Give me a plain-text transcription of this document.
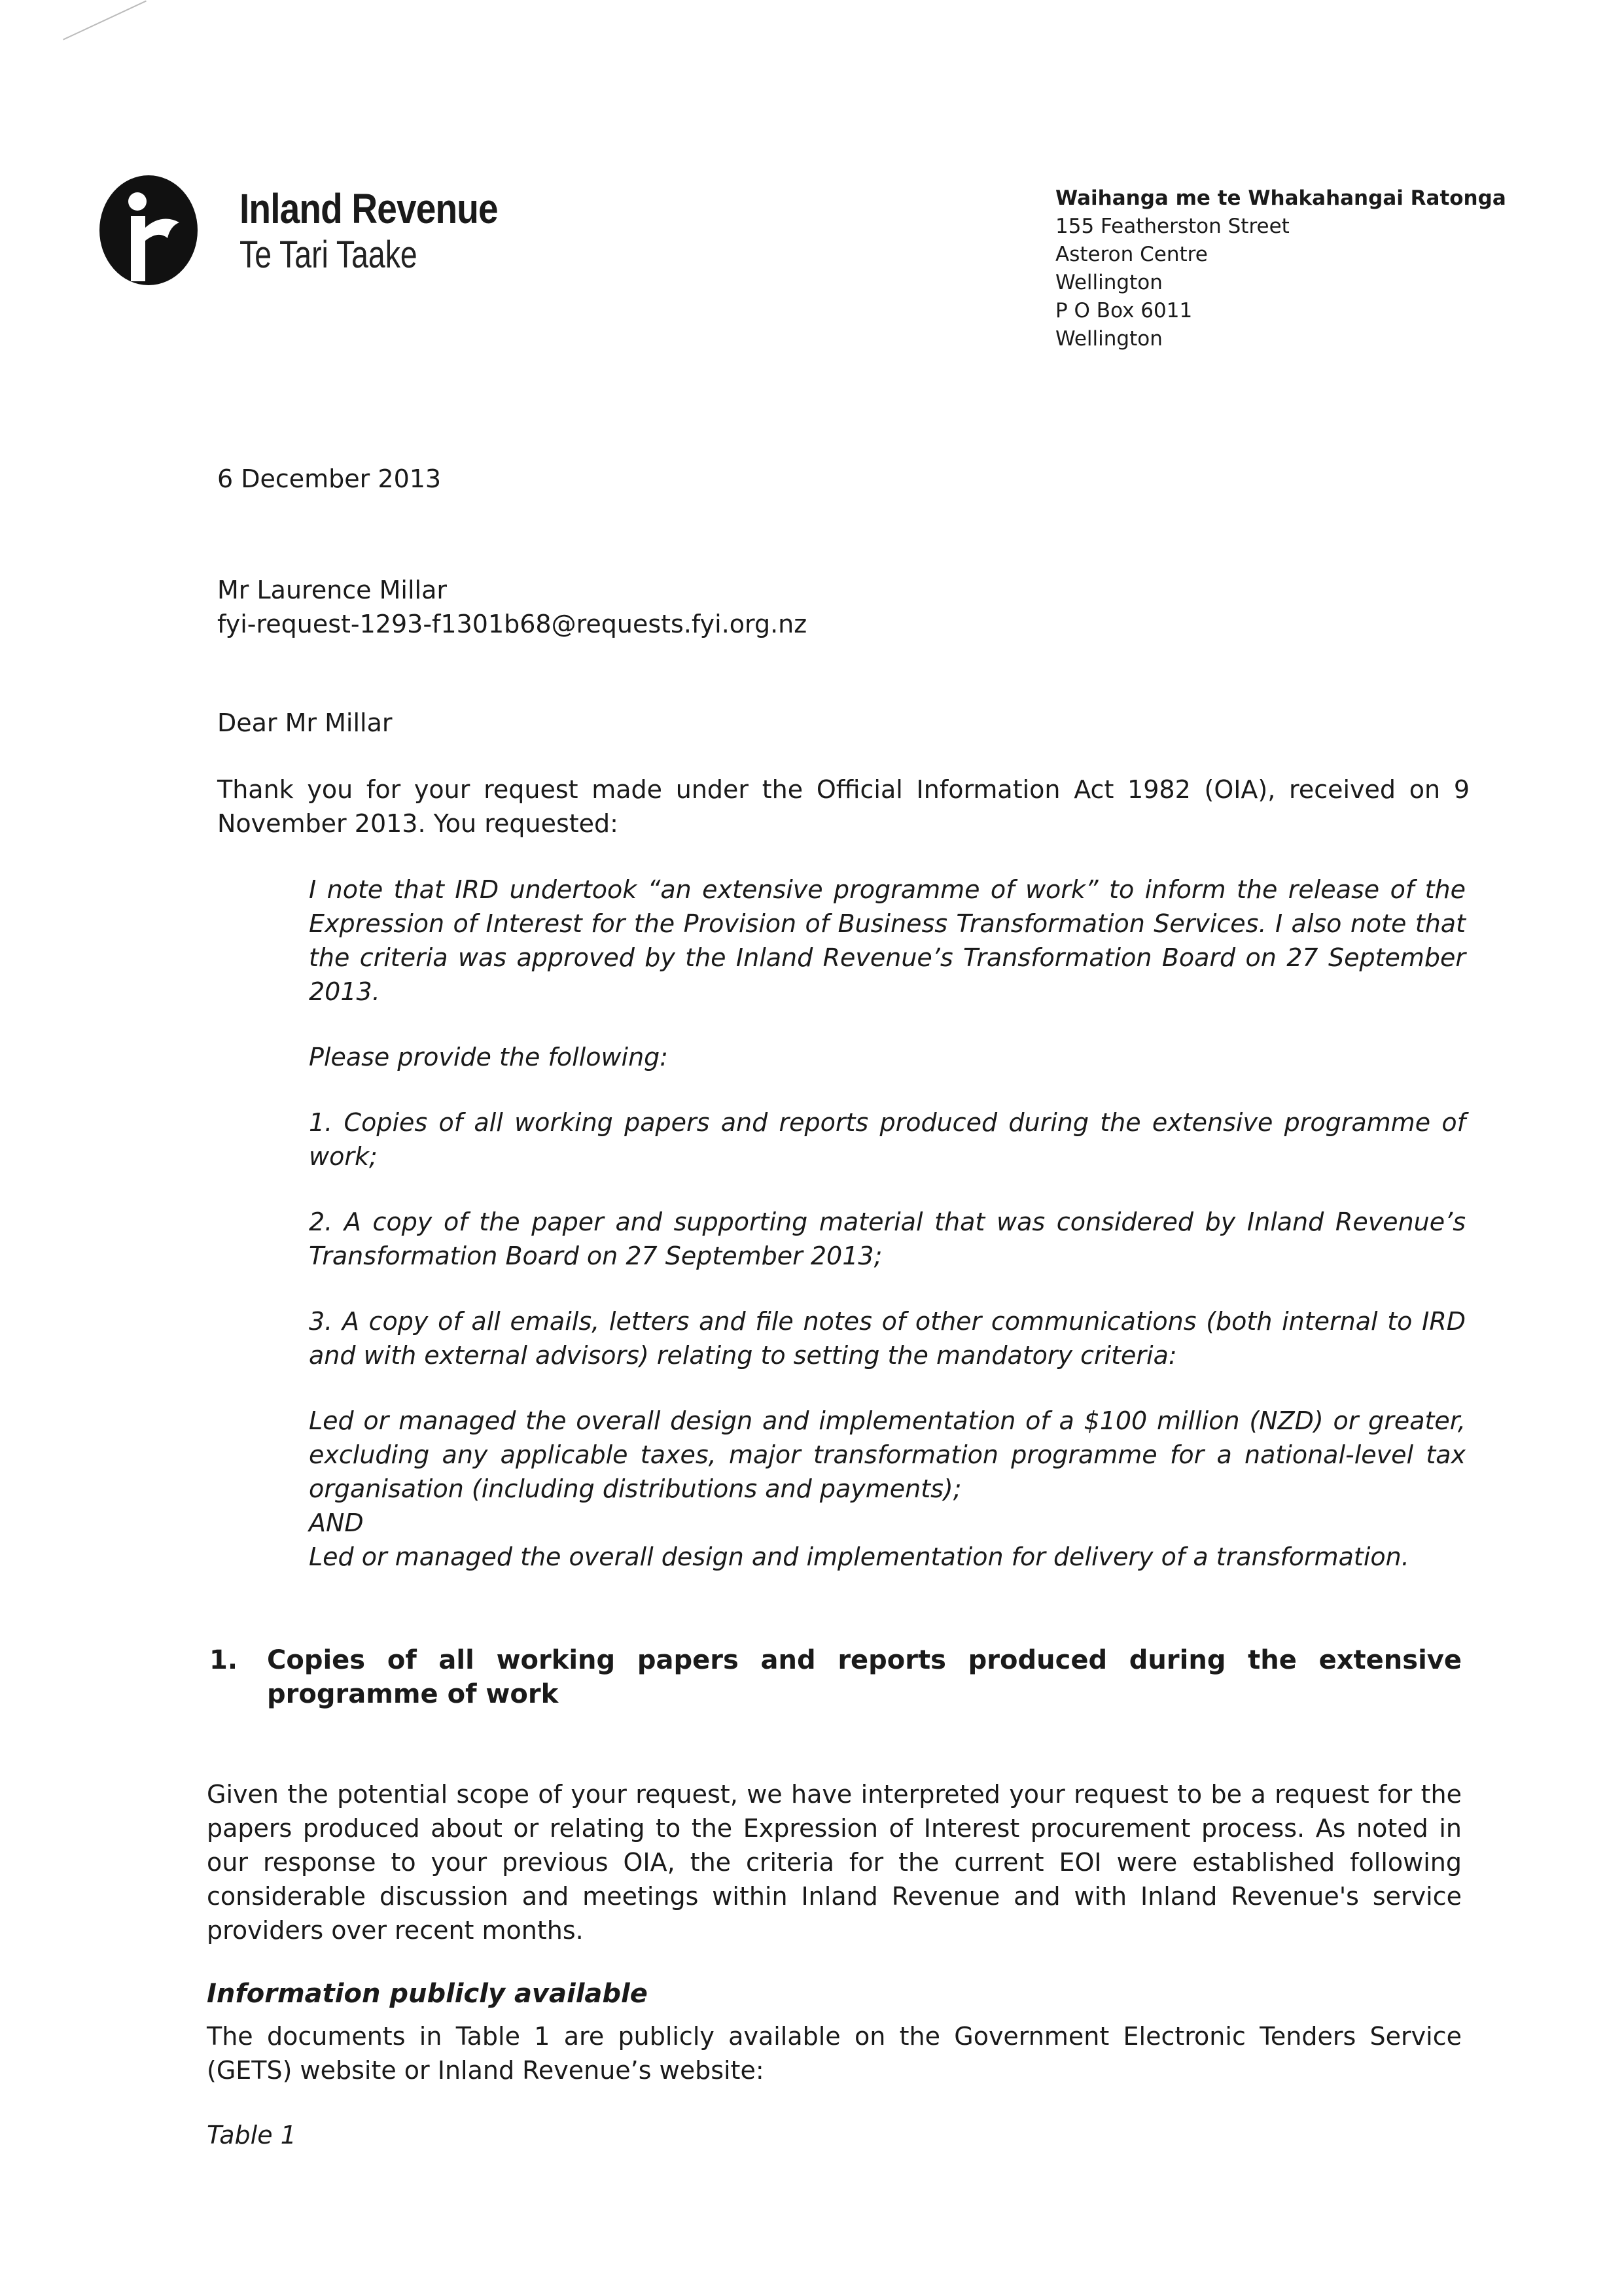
Inland Revenue
Te Tari Taake
Waihanga me te Whakahangai Ratonga
155 Featherston Street
Asteron Centre
Wellington
P O Box 6011
Wellington
6 December 2013
Mr Laurence Millar
fyi-request-1293-f1301b68@requests.fyi.org.nz
Dear Mr Millar
Thank you for your request made under the Official Information Act 1982 (OIA), received on 9 November 2013. You requested:
I note that IRD undertook “an extensive programme of work” to inform the release of the Expression of Interest for the Provision of Business Transformation Services. I also note that the criteria was approved by the Inland Revenue’s Transformation Board on 27 September 2013.
Please provide the following:
1. Copies of all working papers and reports produced during the extensive programme of work;
2. A copy of the paper and supporting material that was considered by Inland Revenue’s Transformation Board on 27 September 2013;
3. A copy of all emails, letters and file notes of other communications (both internal to IRD and with external advisors) relating to setting the mandatory criteria:
Led or managed the overall design and implementation of a $100 million (NZD) or greater, excluding any applicable taxes, major transformation programme for a national-level tax organisation (including distributions and payments);
AND
Led or managed the overall design and implementation for delivery of a transformation.
1. Copies of all working papers and reports produced during the extensive programme of work
Given the potential scope of your request, we have interpreted your request to be a request for the papers produced about or relating to the Expression of Interest procurement process. As noted in our response to your previous OIA, the criteria for the current EOI were established following considerable discussion and meetings within Inland Revenue and with Inland Revenue's service providers over recent months.
Information publicly available
The documents in Table 1 are publicly available on the Government Electronic Tenders Service (GETS) website or Inland Revenue’s website:
Table 1
